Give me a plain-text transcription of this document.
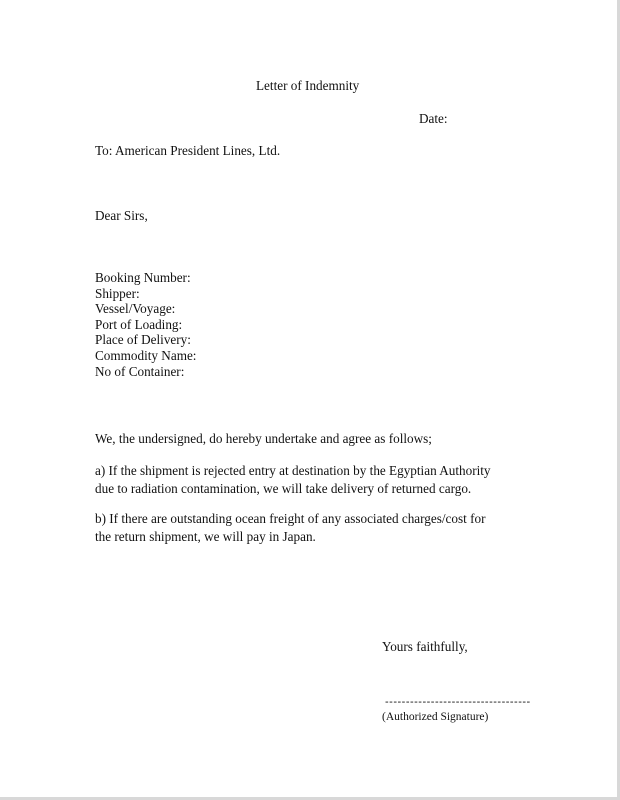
Letter of Indemnity
Date:
To: American President Lines, Ltd.
Dear Sirs,
Booking Number:
Shipper:
Vessel/Voyage:
Port of Loading:
Place of Delivery:
Commodity Name:
No of Container:
We, the undersigned, do hereby undertake and agree as follows;
a) If the shipment is rejected entry at destination by the Egyptian Authority
due to radiation contamination, we will take delivery of returned cargo.
b) If there are outstanding ocean freight of any associated charges/cost for
the return shipment, we will pay in Japan.
Yours faithfully,
-----------------------------------
(Authorized Signature)
